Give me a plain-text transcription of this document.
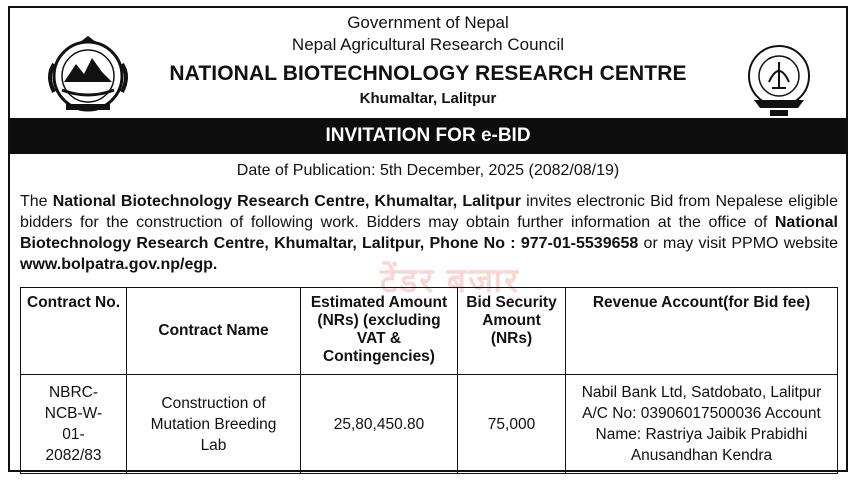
Government of Nepal
Nepal Agricultural Research Council
NATIONAL BIOTECHNOLOGY RESEARCH CENTRE
Khumaltar, Lalitpur
INVITATION FOR e-BID
Date of Publication: 5th December, 2025 (2082/08/19)
The National Biotechnology Research Centre, Khumaltar, Lalitpur invites electronic Bid from Nepalese eligible bidders for the construction of following work. Bidders may obtain further information at the office of National Biotechnology Research Centre, Khumaltar, Lalitpur, Phone No : 977-01-5539658 or may visit PPMO website www.bolpatra.gov.np/egp.	टेंडर बजार
Contract No.	Contract Name	Estimated Amount (NRs) (excluding VAT & Contingencies)	Bid Security Amount (NRs)	Revenue Account(for Bid fee)
NBRC-NCB-W-01-2082/83	Construction of Mutation Breeding Lab	25,80,450.80	75,000	Nabil Bank Ltd, Satdobato, Lalitpur A/C No: 03906017500036 Account Name: Rastriya Jaibik Prabidhi Anusandhan Kendra
